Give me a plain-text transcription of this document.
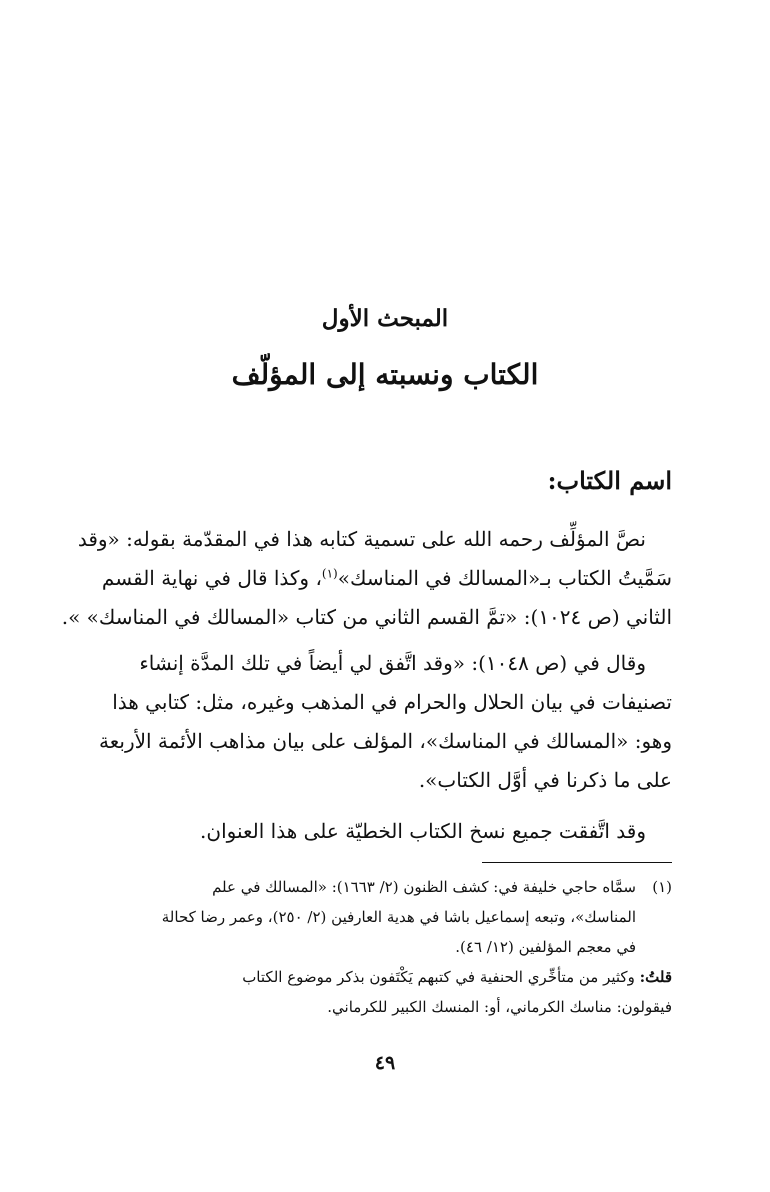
المبحث الأول
الكتاب ونسبته إلى المؤلّف
اسم الكتاب:
نصَّ المؤلِّف رحمه الله على تسمية كتابه هذا في المقدّمة بقوله: «وقد
سَمَّيتُ الكتاب بـ«المسالك في المناسك»$^{(١)}$، وكذا قال في نهاية القسم
الثاني (ص ١٠٢٤): «تمَّ القسم الثاني من كتاب «المسالك في المناسك» ».
وقال في (ص ١٠٤٨): «وقد اتَّفق لي أيضاً في تلك المدَّة إنشاء
تصنيفات في بيان الحلال والحرام في المذهب وغيره، مثل: كتابي هذا
وهو: «المسالك في المناسك»، المؤلف على بيان مذاهب الأئمة الأربعة
على ما ذكرنا في أوَّل الكتاب».
وقد اتَّفقت جميع نسخ الكتاب الخطيّة على هذا العنوان.
(١)سمَّاه حاجي خليفة في: كشف الظنون (٢/ ١٦٦٣): «المسالك في علم
المناسك»، وتبعه إسماعيل باشا في هدية العارفين (٢/ ٢٥٠)، وعمر رضا كحالة
في معجم المؤلفين (١٢/ ٤٦).
قلتُ: وكثير من متأخِّري الحنفية في كتبهم يَكْتَفون بذكر موضوع الكتاب
فيقولون: مناسك الكرماني، أو: المنسك الكبير للكرماني.
٤٩
